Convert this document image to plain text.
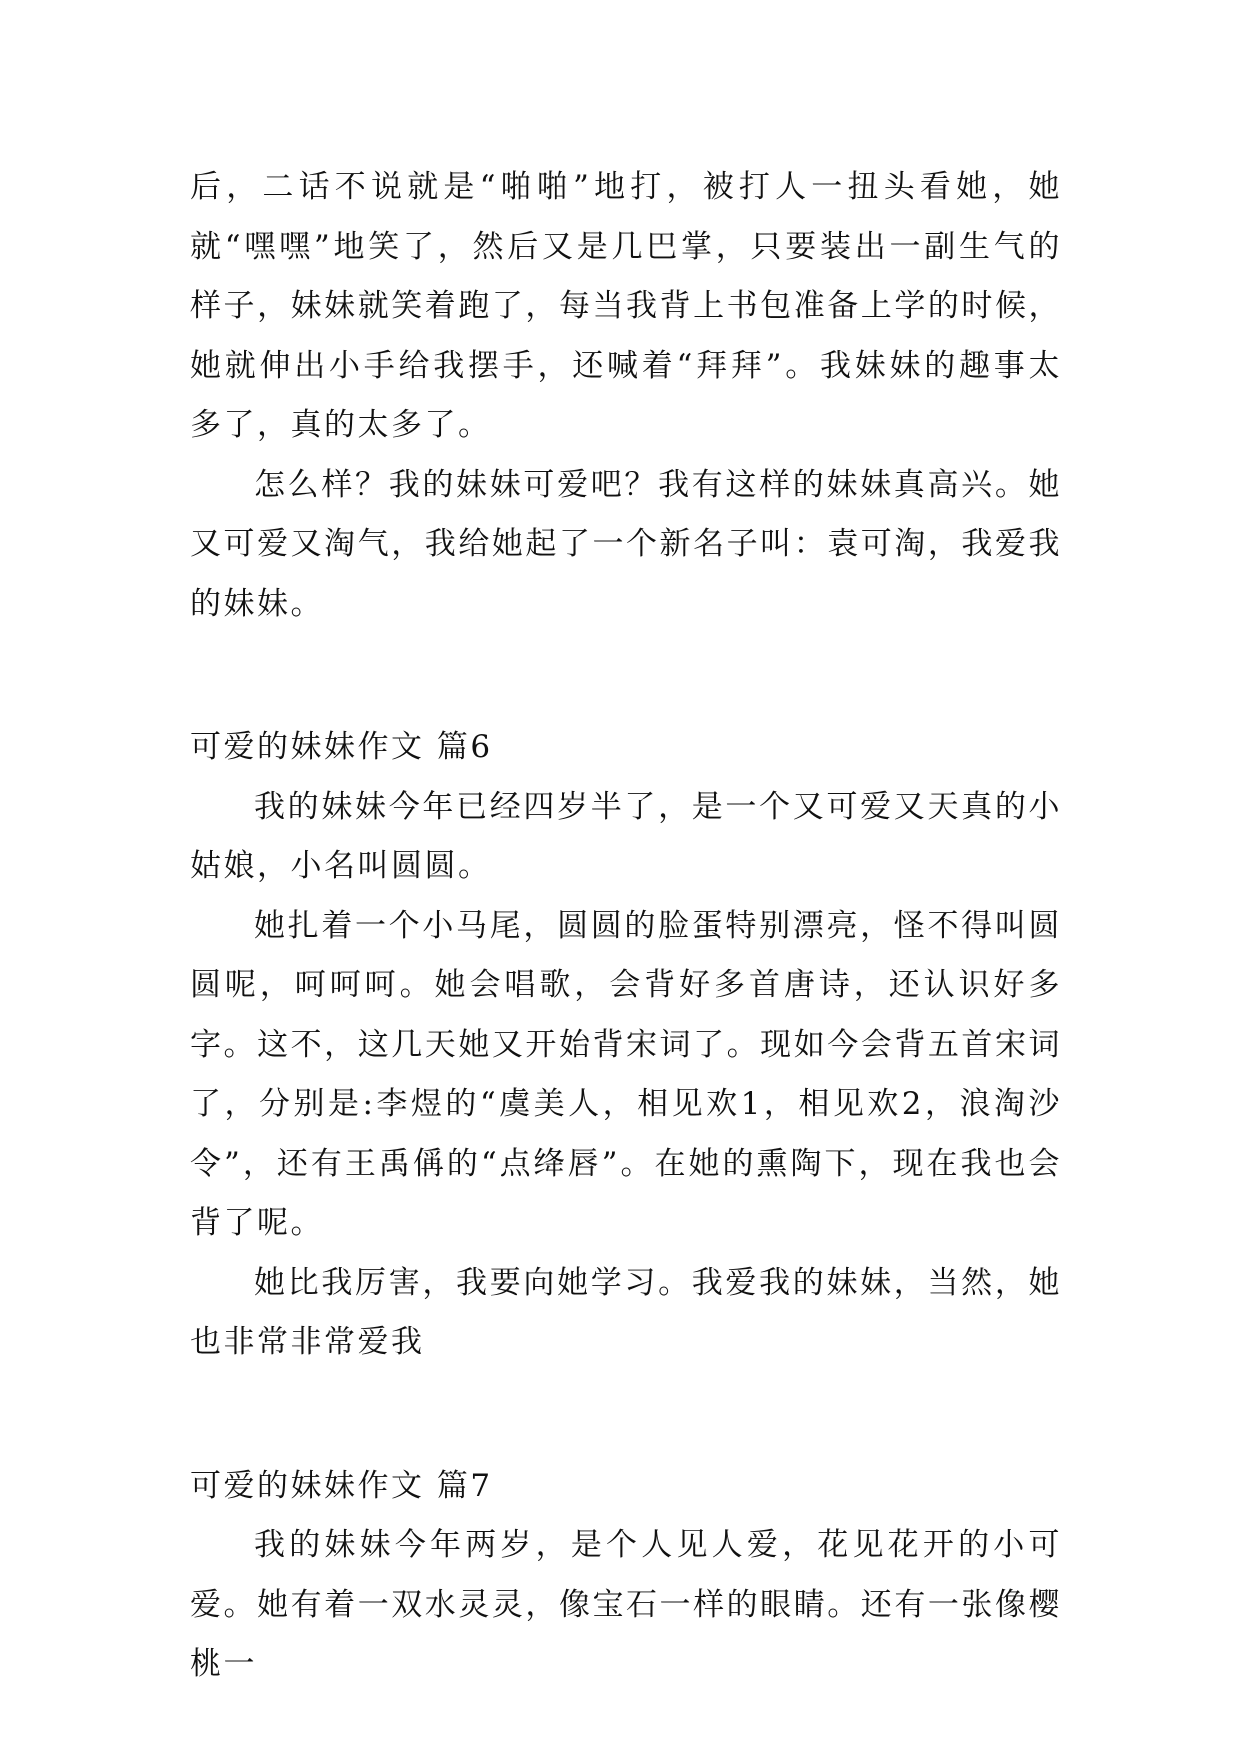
后，二话不说就是“啪啪”地打，被打人一扭头看她，她就“嘿嘿”地笑了，然后又是几巴掌，只要装出一副生气的样子，妹妹就笑着跑了，每当我背上书包准备上学的时候，她就伸出小手给我摆手，还喊着“拜拜”。我妹妹的趣事太多了，真的太多了。

怎么样？我的妹妹可爱吧？我有这样的妹妹真高兴。她又可爱又淘气，我给她起了一个新名子叫：袁可淘，我爱我的妹妹。

可爱的妹妹作文 篇6

我的妹妹今年已经四岁半了，是一个又可爱又天真的小姑娘，小名叫圆圆。

她扎着一个小马尾，圆圆的脸蛋特别漂亮，怪不得叫圆圆呢，呵呵呵。她会唱歌，会背好多首唐诗，还认识好多字。这不，这几天她又开始背宋词了。现如今会背五首宋词了，分别是:李煜的“虞美人，相见欢1，相见欢2，浪淘沙令”，还有王禹偁的“点绛唇”。在她的熏陶下，现在我也会背了呢。

她比我厉害，我要向她学习。我爱我的妹妹，当然，她也非常非常爱我

可爱的妹妹作文 篇7

我的妹妹今年两岁，是个人见人爱，花见花开的小可爱。她有着一双水灵灵，像宝石一样的眼睛。还有一张像樱桃一
